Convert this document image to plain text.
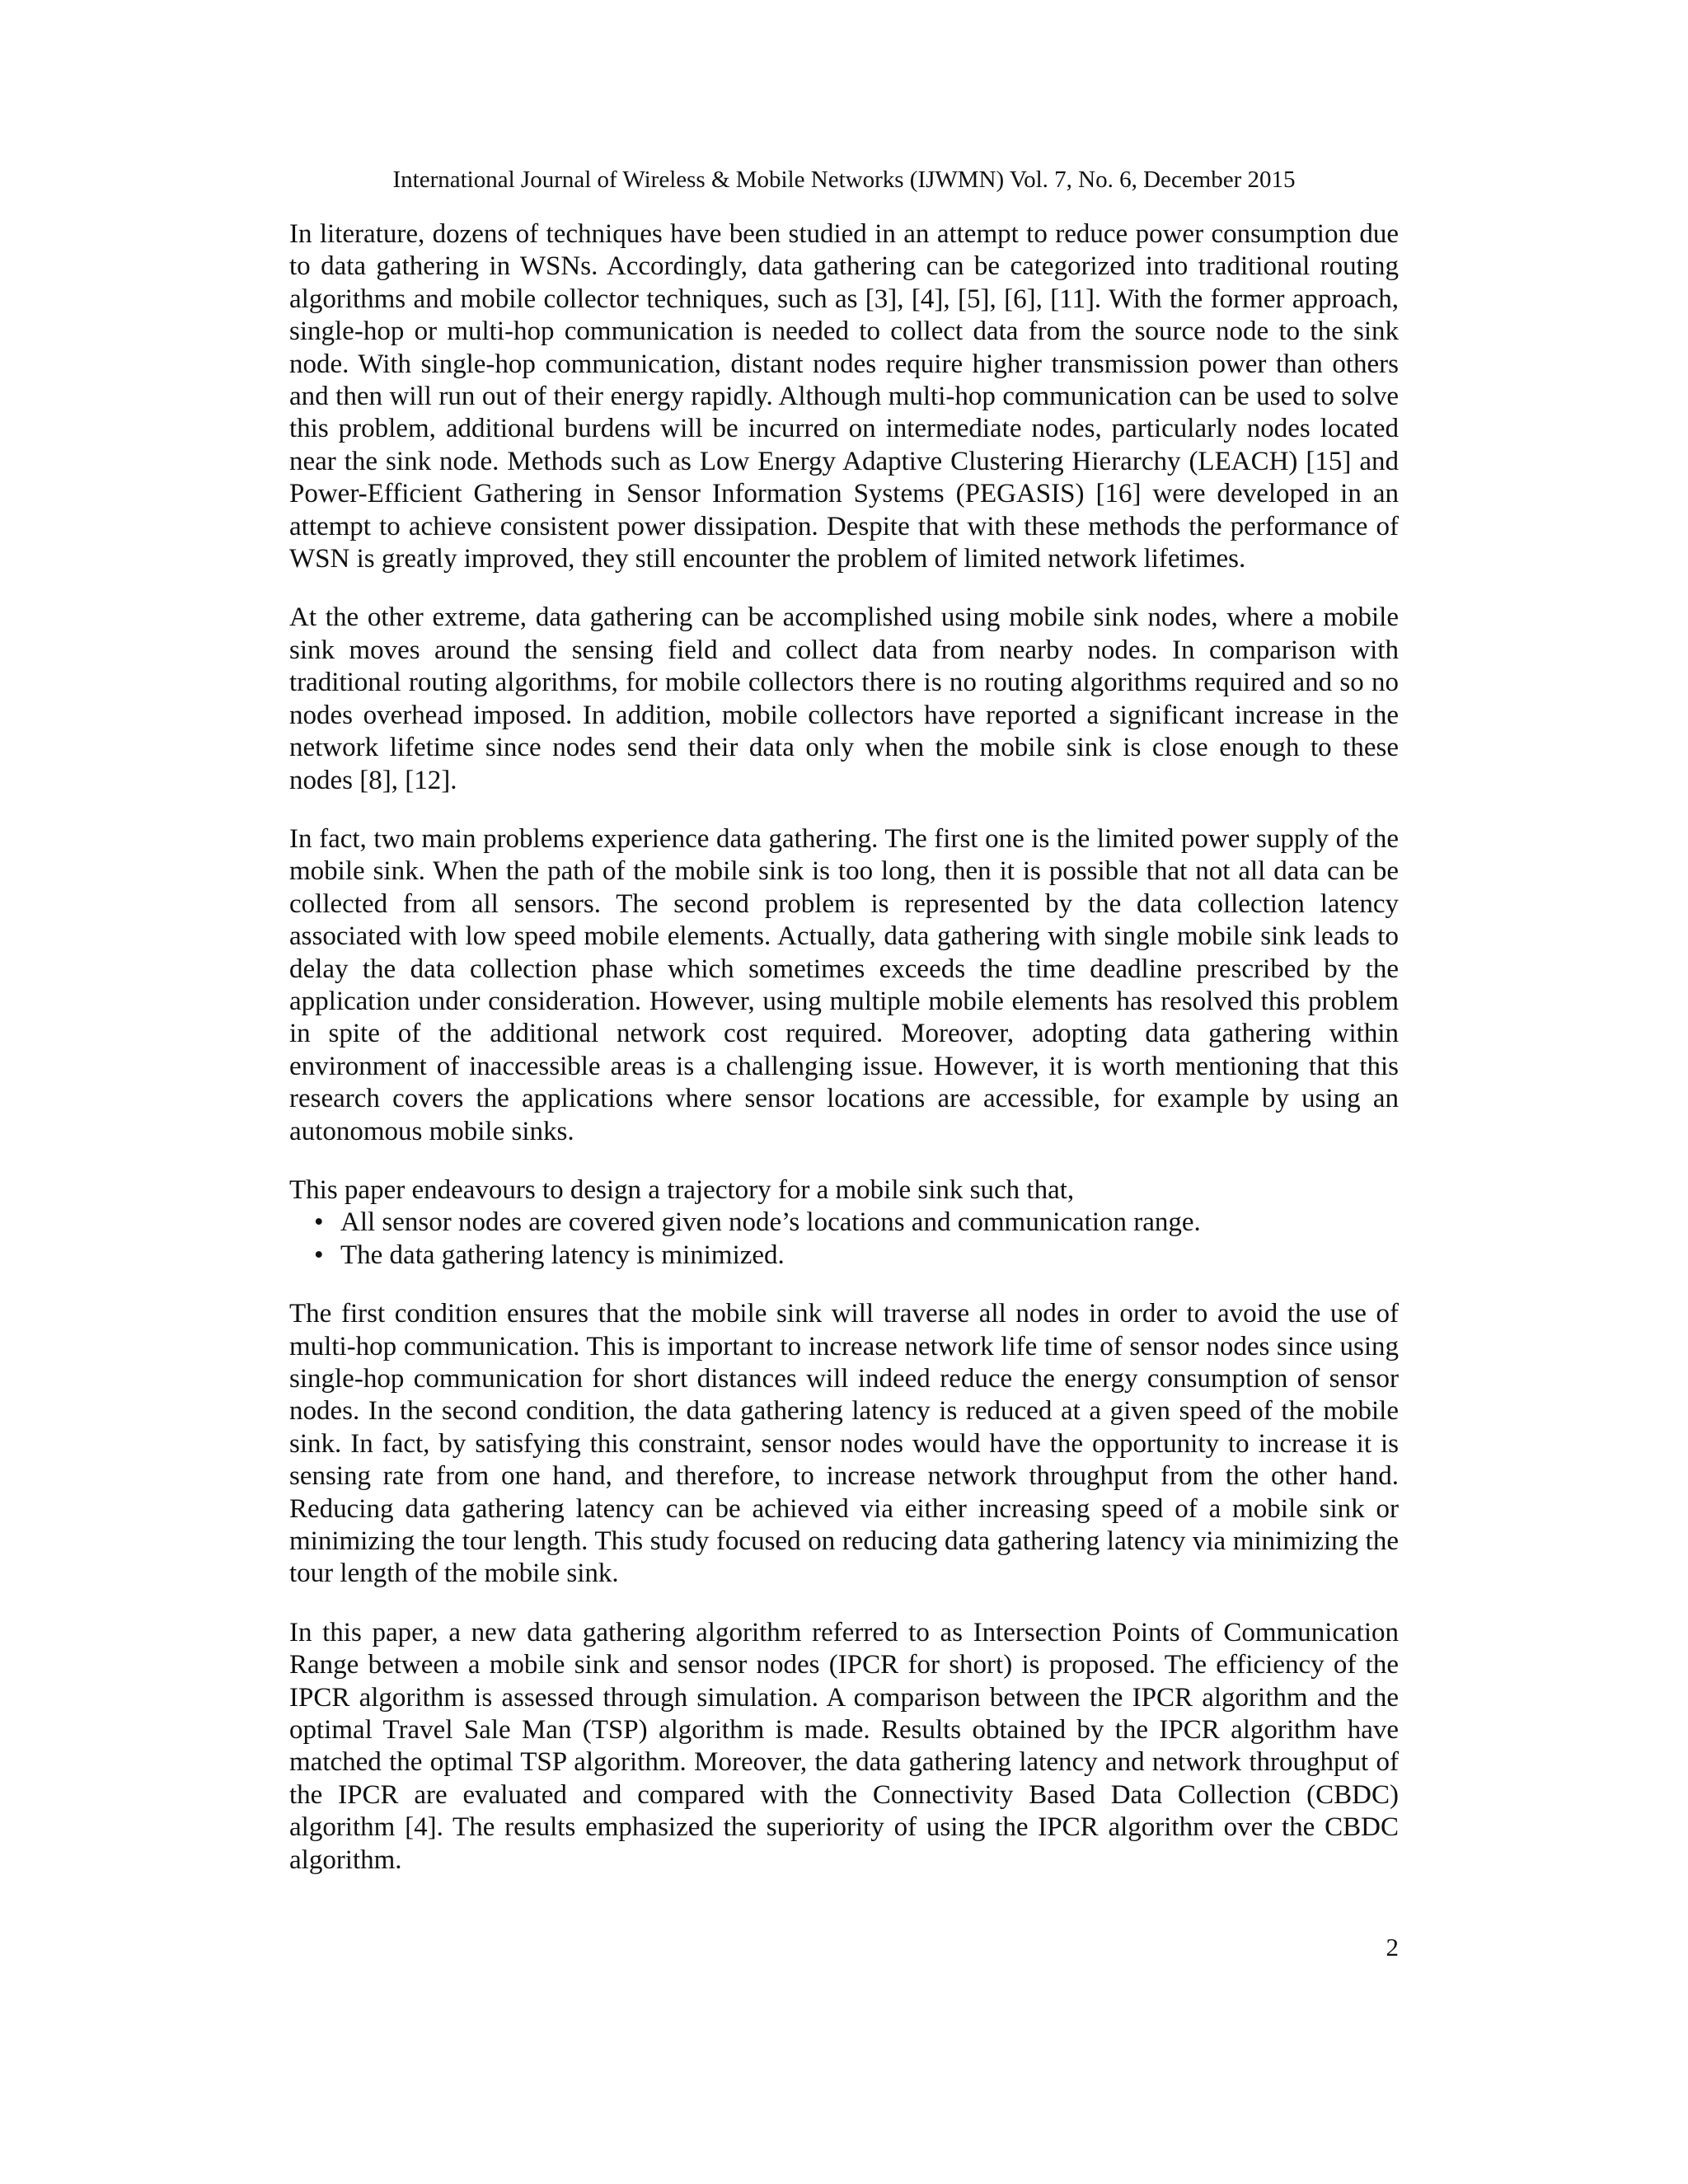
International Journal of Wireless & Mobile Networks (IJWMN) Vol. 7, No. 6, December 2015

In literature, dozens of techniques have been studied in an attempt to reduce power consumption due to data gathering in WSNs. Accordingly, data gathering can be categorized into traditional routing algorithms and mobile collector techniques, such as [3], [4], [5], [6], [11]. With the former approach, single-hop or multi-hop communication is needed to collect data from the source node to the sink node. With single-hop communication, distant nodes require higher transmission power than others and then will run out of their energy rapidly. Although multi-hop communication can be used to solve this problem, additional burdens will be incurred on intermediate nodes, particularly nodes located near the sink node. Methods such as Low Energy Adaptive Clustering Hierarchy (LEACH) [15] and Power-Efficient Gathering in Sensor Information Systems (PEGASIS) [16] were developed in an attempt to achieve consistent power dissipation. Despite that with these methods the performance of WSN is greatly improved, they still encounter the problem of limited network lifetimes.

At the other extreme, data gathering can be accomplished using mobile sink nodes, where a mobile sink moves around the sensing field and collect data from nearby nodes. In comparison with traditional routing algorithms, for mobile collectors there is no routing algorithms required and so no nodes overhead imposed. In addition, mobile collectors have reported a significant increase in the network lifetime since nodes send their data only when the mobile sink is close enough to these nodes [8], [12].

In fact, two main problems experience data gathering. The first one is the limited power supply of the mobile sink. When the path of the mobile sink is too long, then it is possible that not all data can be collected from all sensors. The second problem is represented by the data collection latency associated with low speed mobile elements. Actually, data gathering with single mobile sink leads to delay the data collection phase which sometimes exceeds the time deadline prescribed by the application under consideration. However, using multiple mobile elements has resolved this problem in spite of the additional network cost required. Moreover, adopting data gathering within environment of inaccessible areas is a challenging issue. However, it is worth mentioning that this research covers the applications where sensor locations are accessible, for example by using an autonomous mobile sinks.

This paper endeavours to design a trajectory for a mobile sink such that,

• All sensor nodes are covered given node’s locations and communication range.
• The data gathering latency is minimized.

The first condition ensures that the mobile sink will traverse all nodes in order to avoid the use of multi-hop communication. This is important to increase network life time of sensor nodes since using single-hop communication for short distances will indeed reduce the energy consumption of sensor nodes. In the second condition, the data gathering latency is reduced at a given speed of the mobile sink. In fact, by satisfying this constraint, sensor nodes would have the opportunity to increase it is sensing rate from one hand, and therefore, to increase network throughput from the other hand. Reducing data gathering latency can be achieved via either increasing speed of a mobile sink or minimizing the tour length. This study focused on reducing data gathering latency via minimizing the tour length of the mobile sink.

In this paper, a new data gathering algorithm referred to as Intersection Points of Communication Range between a mobile sink and sensor nodes (IPCR for short) is proposed. The efficiency of the IPCR algorithm is assessed through simulation. A comparison between the IPCR algorithm and the optimal Travel Sale Man (TSP) algorithm is made. Results obtained by the IPCR algorithm have matched the optimal TSP algorithm. Moreover, the data gathering latency and network throughput of the IPCR are evaluated and compared with the Connectivity Based Data Collection (CBDC) algorithm [4]. The results emphasized the superiority of using the IPCR algorithm over the CBDC algorithm.

2
